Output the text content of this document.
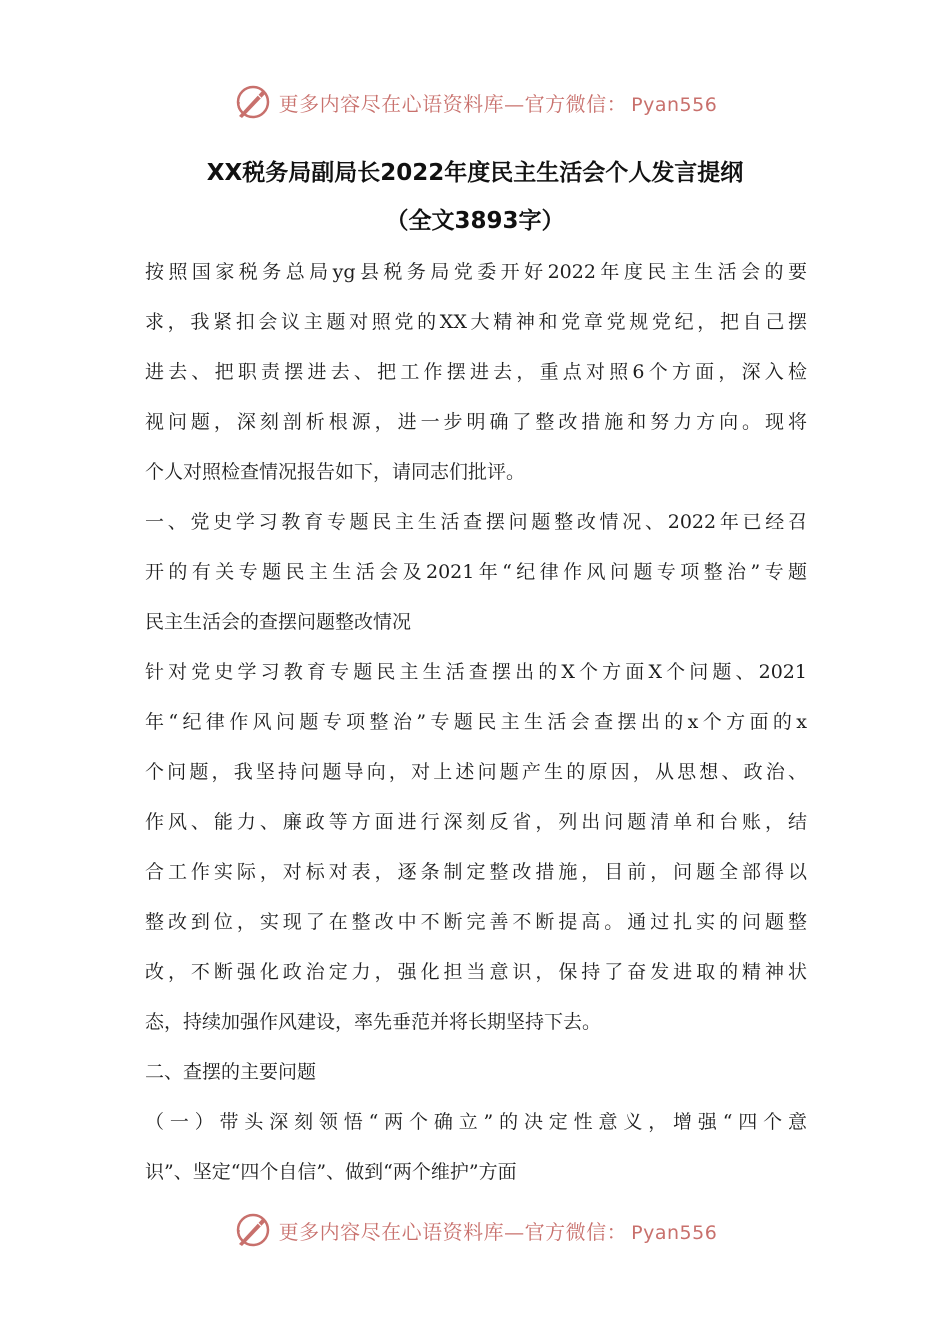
更多内容尽在心语资料库—官方微信： Pyan556
XX税务局副局长2022年度民主生活会个人发言提纲
（全文3893字）
按照国家税务总局yg县税务局党委开好2022年度民主生活会的要
求，我紧扣会议主题对照党的XX大精神和党章党规党纪，把自己摆
进去、把职责摆进去、把工作摆进去，重点对照6个方面，深入检
视问题，深刻剖析根源，进一步明确了整改措施和努力方向。现将
个人对照检查情况报告如下，请同志们批评。
一、党史学习教育专题民主生活查摆问题整改情况、2022年已经召
开的有关专题民主生活会及2021年“纪律作风问题专项整治”专题
民主生活会的查摆问题整改情况
针对党史学习教育专题民主生活查摆出的X个方面X个问题、2021
年“纪律作风问题专项整治”专题民主生活会查摆出的x个方面的x
个问题，我坚持问题导向，对上述问题产生的原因，从思想、政治、
作风、能力、廉政等方面进行深刻反省，列出问题清单和台账，结
合工作实际，对标对表，逐条制定整改措施，目前，问题全部得以
整改到位，实现了在整改中不断完善不断提高。通过扎实的问题整
改，不断强化政治定力，强化担当意识，保持了奋发进取的精神状
态，持续加强作风建设，率先垂范并将长期坚持下去。
二、查摆的主要问题
（一）带头深刻领悟“两个确立”的决定性意义，增强“四个意
识”、坚定“四个自信”、做到“两个维护”方面
更多内容尽在心语资料库—官方微信： Pyan556
